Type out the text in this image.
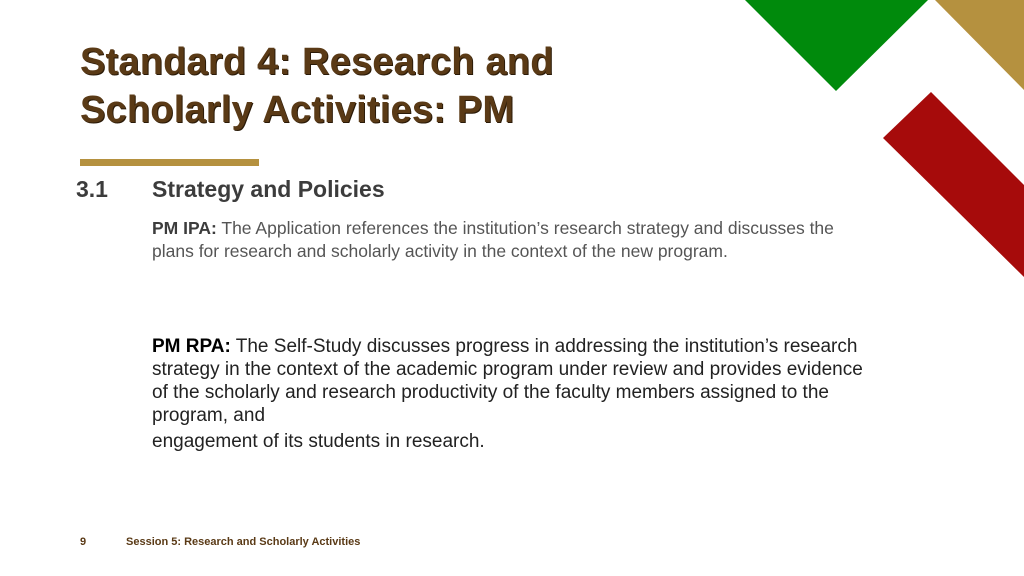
Standard 4: Research and
Scholarly Activities: PM
3.1 Strategy and Policies

PM IPA: The Application references the institution’s research strategy and discusses the plans for research and scholarly activity in the context of the new program.

PM RPA: The Self-Study discusses progress in addressing the institution’s research strategy in the context of the academic program under review and provides evidence of the scholarly and research productivity of the faculty members assigned to the program, and
engagement of its students in research.

9	Session 5: Research and Scholarly Activities
